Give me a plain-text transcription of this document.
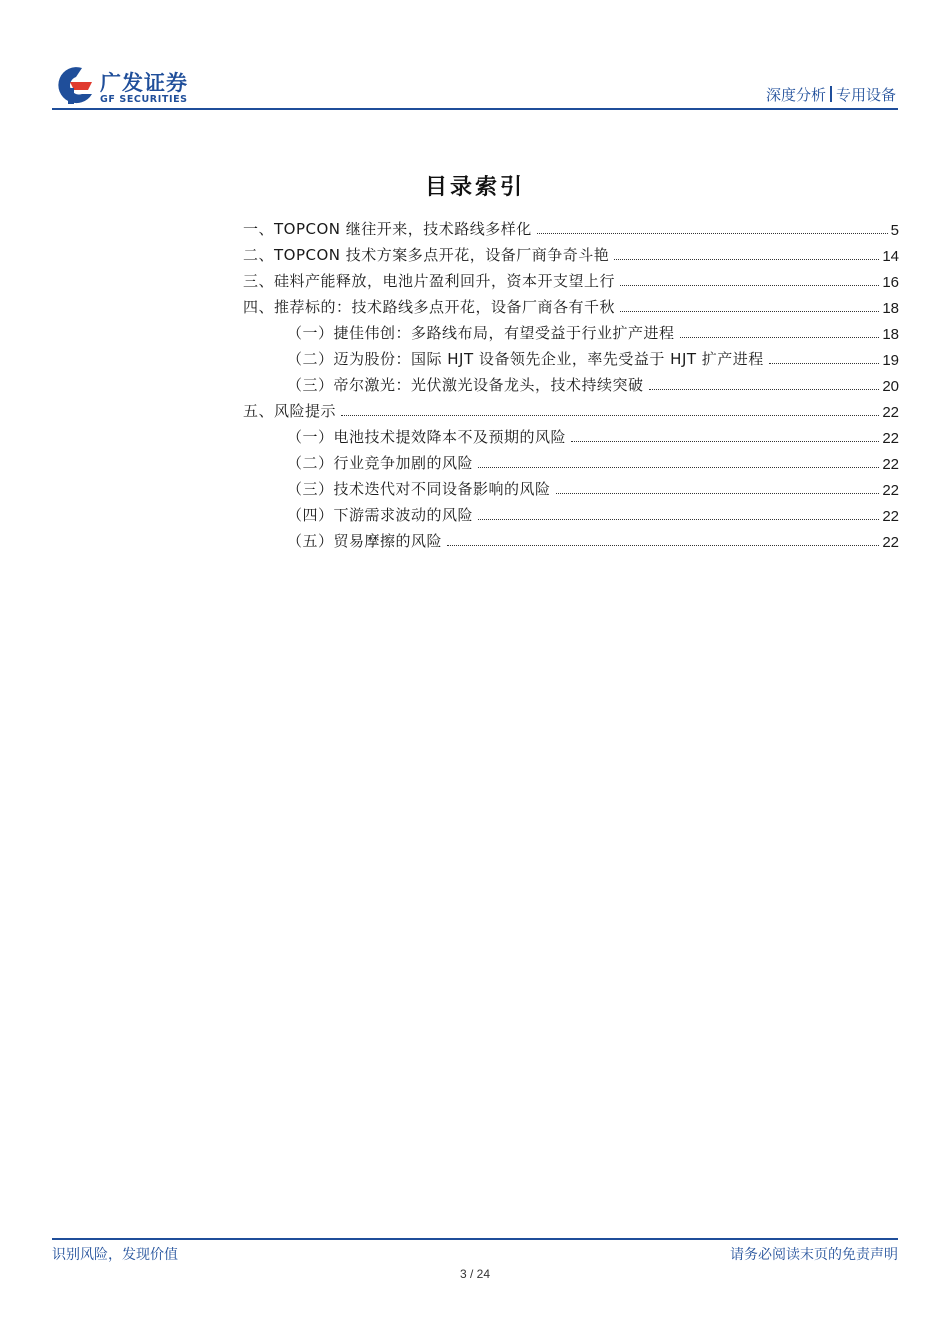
广发证券
GF SECURITIES	深度分析 专用设备
目录索引
一、TOPCON 继往开来，技术路线多样化	5
二、TOPCON 技术方案多点开花，设备厂商争奇斗艳	14
三、硅料产能释放，电池片盈利回升，资本开支望上行	16
四、推荐标的：技术路线多点开花，设备厂商各有千秋	18
（一）捷佳伟创：多路线布局，有望受益于行业扩产进程	18
（二）迈为股份：国际 HJT 设备领先企业，率先受益于 HJT 扩产进程	19
（三）帝尔激光：光伏激光设备龙头，技术持续突破	20
五、风险提示	22
（一）电池技术提效降本不及预期的风险	22
（二）行业竞争加剧的风险	22
（三）技术迭代对不同设备影响的风险	22
（四）下游需求波动的风险	22
（五）贸易摩擦的风险	22
识别风险，发现价值	请务必阅读末页的免责声明
3 / 24
